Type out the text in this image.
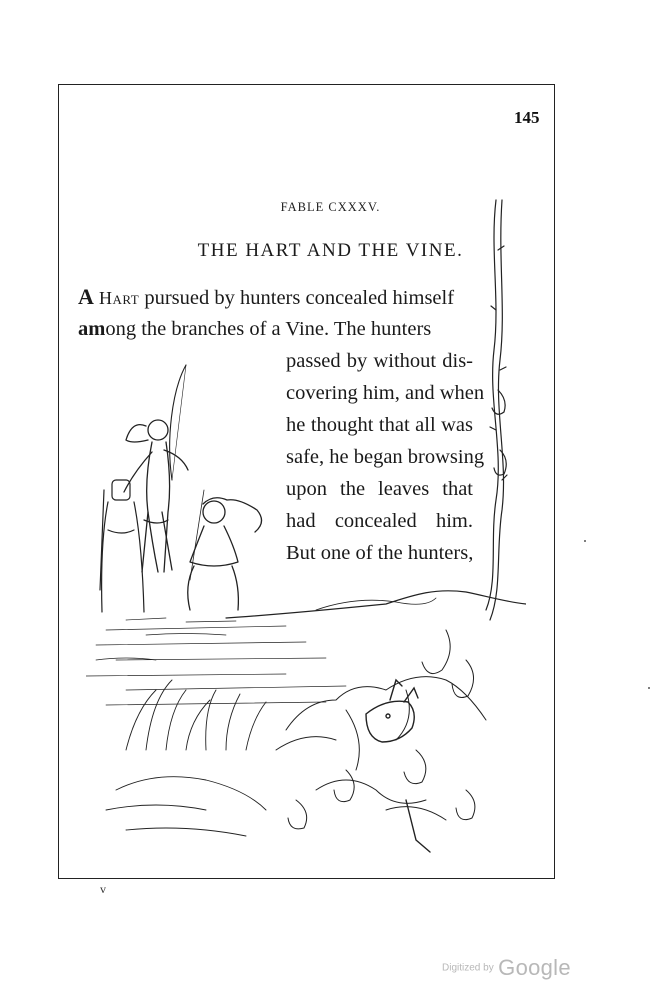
145
FABLE CXXXV.
THE HART AND THE VINE.
A Hart pursued by hunters concealed himself
among the branches of a Vine. The hunters
passed by without dis-
covering him, and when
he thought that all was
safe, he began browsing
upon the leaves that
had concealed him.
But one of the hunters,
v
Digitized by Google
